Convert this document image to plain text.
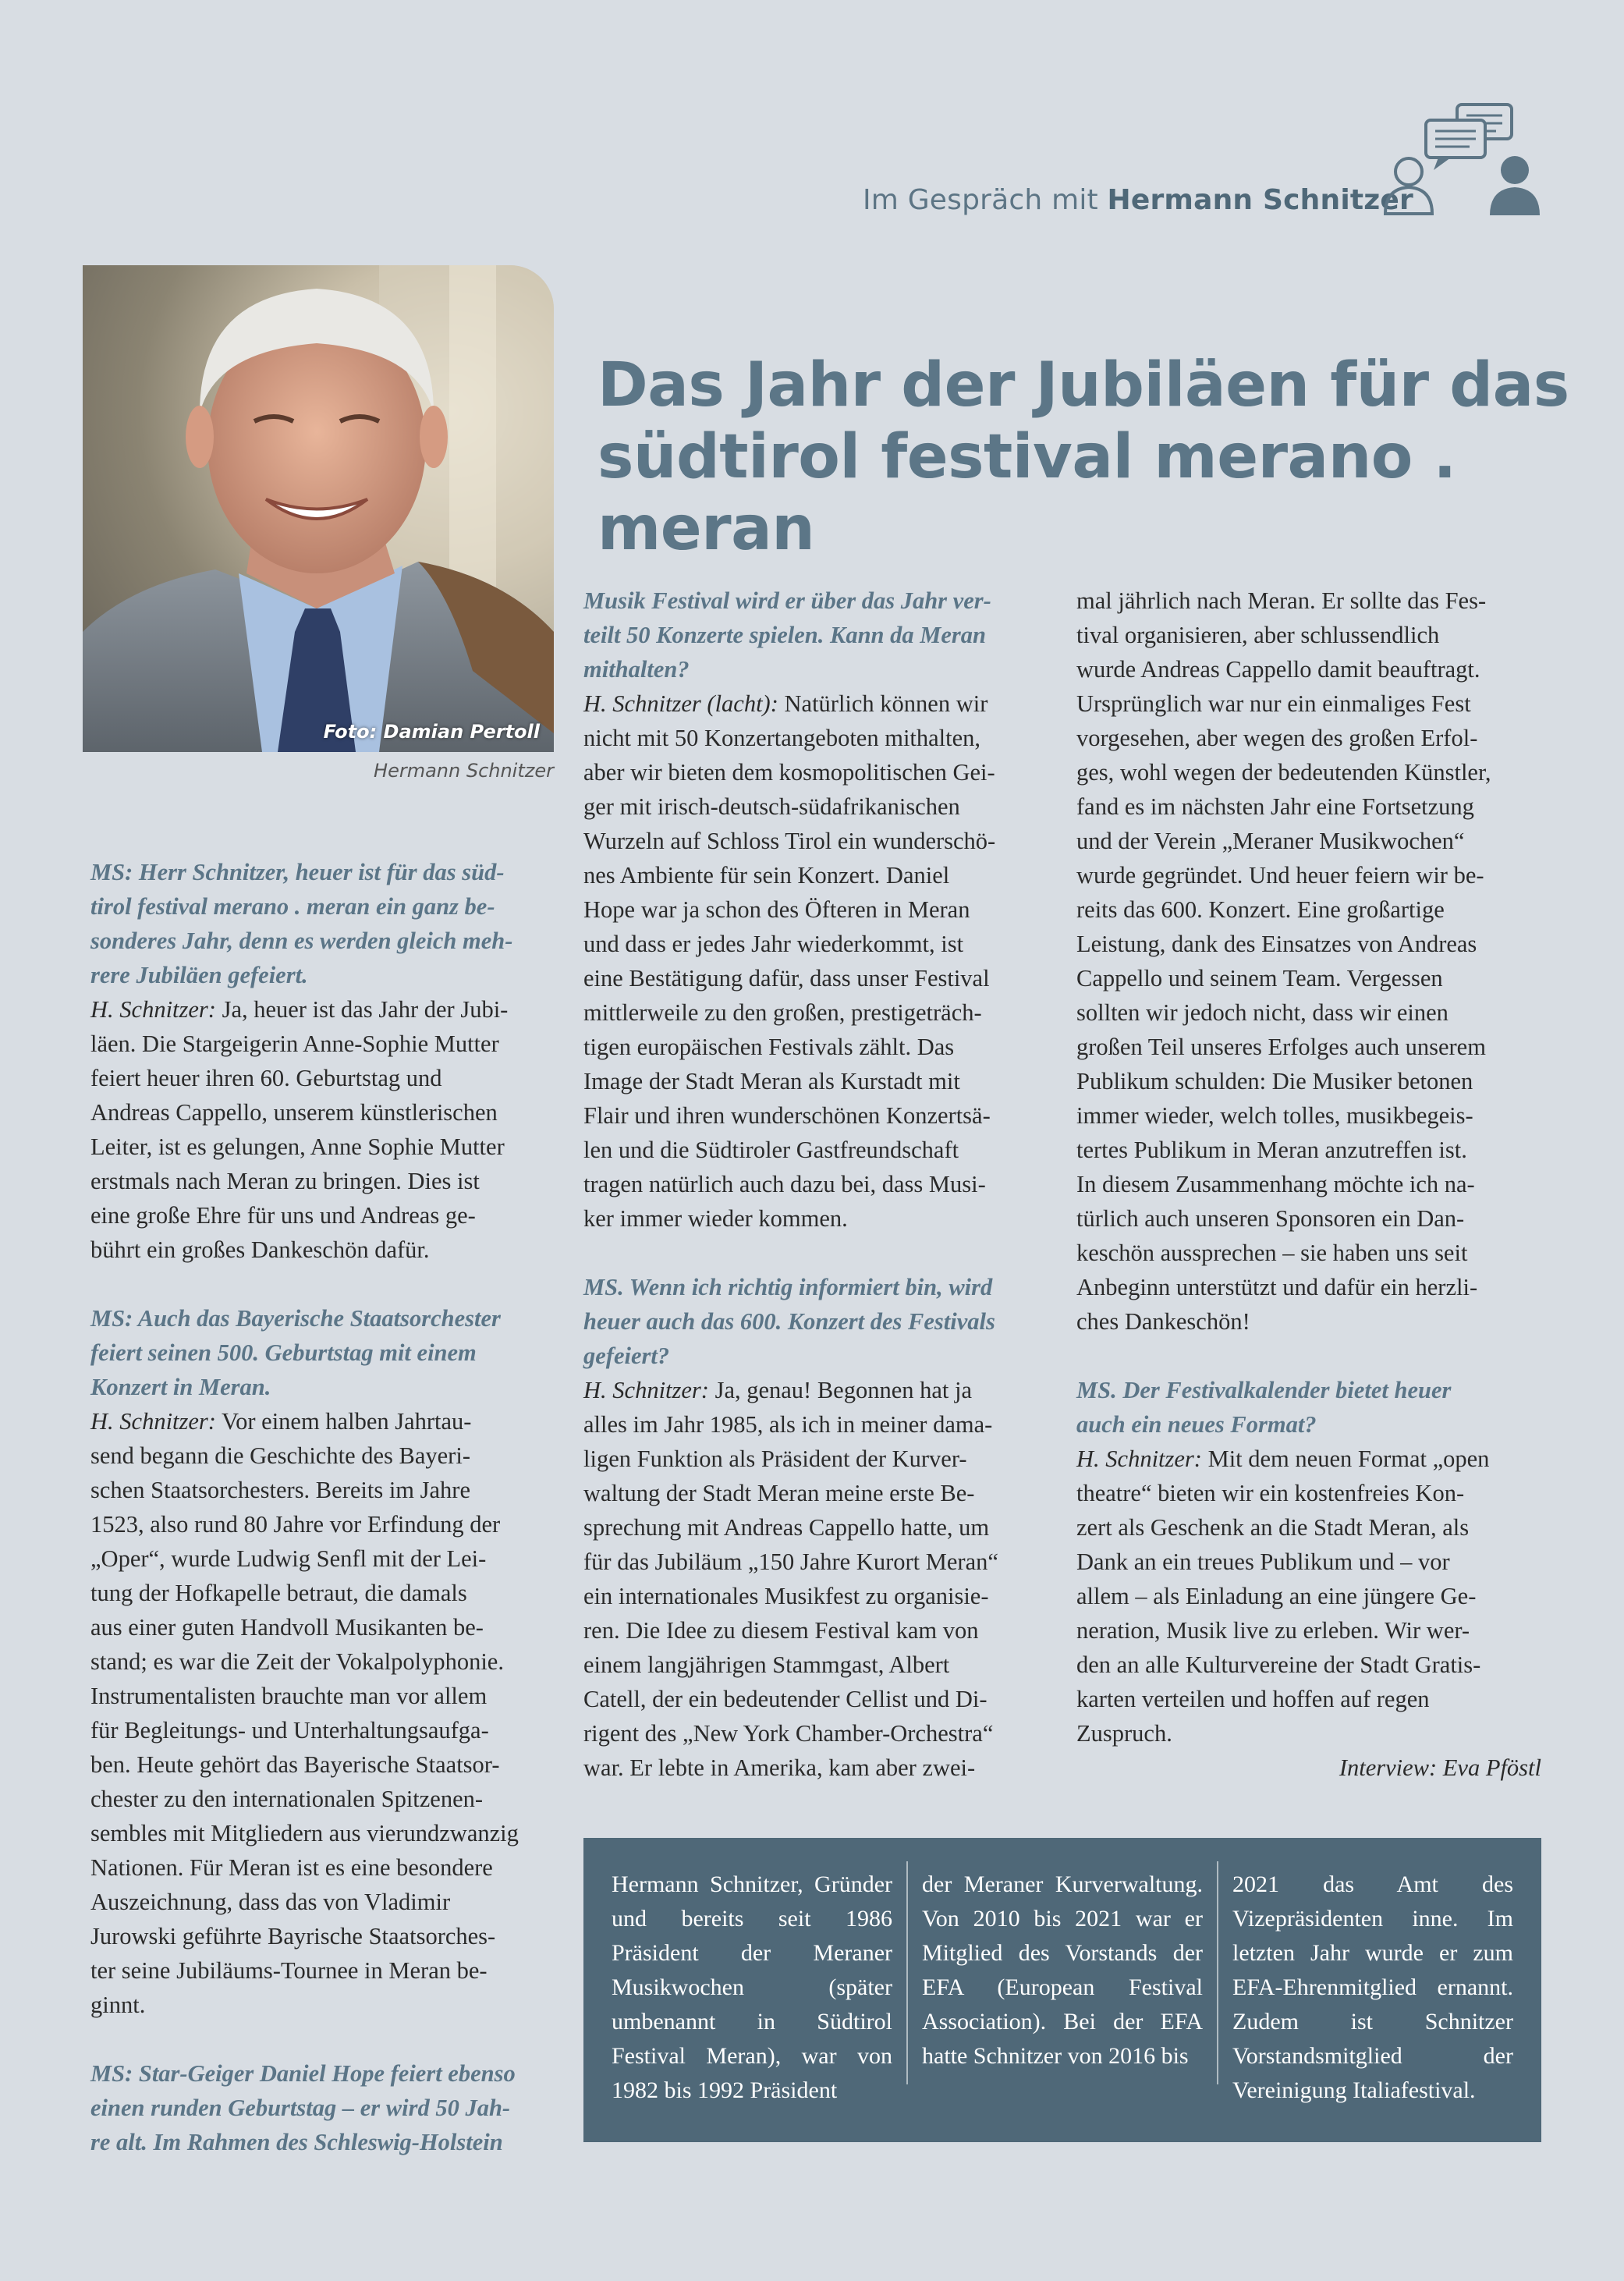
Im Gespräch mit Hermann Schnitzer
Foto: Damian Pertoll
Hermann Schnitzer
Das Jahr der Jubiläen für das
südtirol festival merano . meran
MS: Herr Schnitzer, heuer ist für das süd-
tirol festival merano . meran ein ganz be-
sonderes Jahr, denn es werden gleich meh-
rere Jubiläen gefeiert.
H. Schnitzer: Ja, heuer ist das Jahr der Jubi-
läen. Die Stargeigerin Anne-Sophie Mutter
feiert heuer ihren 60. Geburtstag und
Andreas Cappello, unserem künstlerischen
Leiter, ist es gelungen, Anne Sophie Mutter
erstmals nach Meran zu bringen. Dies ist
eine große Ehre für uns und Andreas ge-
bührt ein großes Dankeschön dafür.
MS: Auch das Bayerische Staatsorchester
feiert seinen 500. Geburtstag mit einem
Konzert in Meran.
H. Schnitzer: Vor einem halben Jahrtau-
send begann die Geschichte des Bayeri-
schen Staatsorchesters. Bereits im Jahre
1523, also rund 80 Jahre vor Erfindung der
„Oper“, wurde Ludwig Senfl mit der Lei-
tung der Hofkapelle betraut, die damals
aus einer guten Handvoll Musikanten be-
stand; es war die Zeit der Vokalpolyphonie.
Instrumentalisten brauchte man vor allem
für Begleitungs- und Unterhaltungsaufga-
ben. Heute gehört das Bayerische Staatsor-
chester zu den internationalen Spitzenen-
sembles mit Mitgliedern aus vierundzwanzig
Nationen. Für Meran ist es eine besondere
Auszeichnung, dass das von Vladimir
Jurowski geführte Bayrische Staatsorches-
ter seine Jubiläums-Tournee in Meran be-
ginnt.
MS: Star-Geiger Daniel Hope feiert ebenso
einen runden Geburtstag – er wird 50 Jah-
re alt. Im Rahmen des Schleswig-Holstein
Musik Festival wird er über das Jahr ver-
teilt 50 Konzerte spielen. Kann da Meran
mithalten?
H. Schnitzer (lacht): Natürlich können wir
nicht mit 50 Konzertangeboten mithalten,
aber wir bieten dem kosmopolitischen Gei-
ger mit irisch-deutsch-südafrikanischen
Wurzeln auf Schloss Tirol ein wunderschö-
nes Ambiente für sein Konzert. Daniel
Hope war ja schon des Öfteren in Meran
und dass er jedes Jahr wiederkommt, ist
eine Bestätigung dafür, dass unser Festival
mittlerweile zu den großen, prestigeträch-
tigen europäischen Festivals zählt. Das
Image der Stadt Meran als Kurstadt mit
Flair und ihren wunderschönen Konzertsä-
len und die Südtiroler Gastfreundschaft
tragen natürlich auch dazu bei, dass Musi-
ker immer wieder kommen.
MS. Wenn ich richtig informiert bin, wird
heuer auch das 600. Konzert des Festivals
gefeiert?
H. Schnitzer: Ja, genau! Begonnen hat ja
alles im Jahr 1985, als ich in meiner dama-
ligen Funktion als Präsident der Kurver-
waltung der Stadt Meran meine erste Be-
sprechung mit Andreas Cappello hatte, um
für das Jubiläum „150 Jahre Kurort Meran“
ein internationales Musikfest zu organisie-
ren. Die Idee zu diesem Festival kam von
einem langjährigen Stammgast, Albert
Catell, der ein bedeutender Cellist und Di-
rigent des „New York Chamber-Orchestra“
war. Er lebte in Amerika, kam aber zwei-
mal jährlich nach Meran. Er sollte das Fes-
tival organisieren, aber schlussendlich
wurde Andreas Cappello damit beauftragt.
Ursprünglich war nur ein einmaliges Fest
vorgesehen, aber wegen des großen Erfol-
ges, wohl wegen der bedeutenden Künstler,
fand es im nächsten Jahr eine Fortsetzung
und der Verein „Meraner Musikwochen“
wurde gegründet. Und heuer feiern wir be-
reits das 600. Konzert. Eine großartige
Leistung, dank des Einsatzes von Andreas
Cappello und seinem Team. Vergessen
sollten wir jedoch nicht, dass wir einen
großen Teil unseres Erfolges auch unserem
Publikum schulden: Die Musiker betonen
immer wieder, welch tolles, musikbegeis-
tertes Publikum in Meran anzutreffen ist.
In diesem Zusammenhang möchte ich na-
türlich auch unseren Sponsoren ein Dan-
keschön aussprechen – sie haben uns seit
Anbeginn unterstützt und dafür ein herzli-
ches Dankeschön!
MS. Der Festivalkalender bietet heuer
auch ein neues Format?
H. Schnitzer: Mit dem neuen Format „open
theatre“ bieten wir ein kostenfreies Kon-
zert als Geschenk an die Stadt Meran, als
Dank an ein treues Publikum und – vor
allem – als Einladung an eine jüngere Ge-
neration, Musik live zu erleben. Wir wer-
den an alle Kulturvereine der Stadt Gratis-
karten verteilen und hoffen auf regen
Zuspruch.
Interview: Eva Pföstl
Hermann Schnitzer, Gründer und bereits seit 1986 Präsident der Meraner Musikwochen (später umbenannt in Südtirol Festival Meran), war von 1982 bis 1992 Präsident
der Meraner Kurverwaltung. Von 2010 bis 2021 war er Mitglied des Vorstands der EFA (European Festival Association). Bei der EFA hatte Schnitzer von 2016 bis
2021 das Amt des Vizepräsidenten inne. Im letzten Jahr wurde er zum EFA-Ehrenmitglied ernannt. Zudem ist Schnitzer Vorstandsmitglied der Vereinigung Italiafestival.
